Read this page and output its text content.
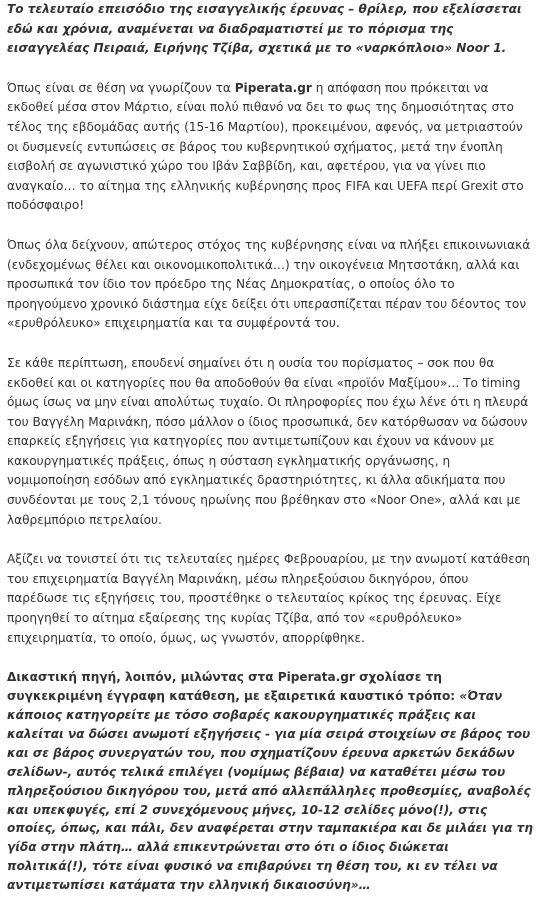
Το τελευταίο επεισόδιο της εισαγγελικής έρευνας – θρίλερ, που εξελίσσεται εδώ και χρόνια, αναμένεται να διαδραματιστεί με το πόρισμα της εισαγγελέας Πειραιά, Ειρήνης Τζίβα, σχετικά με το «ναρκόπλοιο» Noor 1.

Όπως είναι σε θέση να γνωρίζουν τα Piperata.gr η απόφαση που πρόκειται να εκδοθεί μέσα στον Μάρτιο, είναι πολύ πιθανό να δει το φως της δημοσιότητας στο τέλος της εβδομάδας αυτής (15-16 Μαρτίου), προκειμένου, αφενός, να μετριαστούν οι δυσμενείς εντυπώσεις σε βάρος του κυβερνητικού σχήματος, μετά την ένοπλη εισβολή σε αγωνιστικό χώρο του Ιβάν Σαββίδη, και, αφετέρου, για να γίνει πιο αναγκαίο… το αίτημα της ελληνικής κυβέρνησης προς FIFA και UEFA περί Grexit στο ποδόσφαιρο!

Όπως όλα δείχνουν, απώτερος στόχος της κυβέρνησης είναι να πλήξει επικοινωνιακά (ενδεχομένως θέλει και οικονομικοπολιτικά…) την οικογένεια Μητσοτάκη, αλλά και προσωπικά τον ίδιο τον πρόεδρο της Νέας Δημοκρατίας, ο οποίος όλο το προηγούμενο χρονικό διάστημα είχε δείξει ότι υπερασπίζεται πέραν του δέοντος τον «ερυθρόλευκο» επιχειρηματία και τα συμφέροντά του.

Σε κάθε περίπτωση, επουδενί σημαίνει ότι η ουσία του πορίσματος – σοκ που θα εκδοθεί και οι κατηγορίες που θα αποδοθούν θα είναι «προϊόν Μαξίμου»… Το timing όμως ίσως να μην είναι απολύτως τυχαίο. Οι πληροφορίες που έχω λένε ότι η πλευρά του Βαγγέλη Μαρινάκη, πόσο μάλλον ο ίδιος προσωπικά, δεν κατόρθωσαν να δώσουν επαρκείς εξηγήσεις για κατηγορίες που αντιμετωπίζουν και έχουν να κάνουν με κακουργηματικές πράξεις, όπως η σύσταση εγκληματικής οργάνωσης, η νομιμοποίηση εσόδων από εγκληματικές δραστηριότητες, κι άλλα αδικήματα που συνδέονται με τους 2,1 τόνους ηρωίνης που βρέθηκαν στο «Noor One», αλλά και με λαθρεμπόριο πετρελαίου.

Αξίζει να τονιστεί ότι τις τελευταίες ημέρες Φεβρουαρίου, με την ανωμοτί κατάθεση του επιχειρηματία Βαγγέλη Μαρινάκη, μέσω πληρεξούσιου δικηγόρου, όπου παρέδωσε τις εξηγήσεις του, προστέθηκε ο τελευταίος κρίκος της έρευνας. Είχε προηγηθεί το αίτημα εξαίρεσης της κυρίας Τζίβα, από τον «ερυθρόλευκο» επιχειρηματία, το οποίο, όμως, ως γνωστόν, απορρίφθηκε.

Δικαστική πηγή, λοιπόν, μιλώντας στα Piperata.gr σχολίασε τη συγκεκριμένη έγγραφη κατάθεση, με εξαιρετικά καυστικό τρόπο: «Όταν κάποιος κατηγορείτε με τόσο σοβαρές κακουργηματικές πράξεις και καλείται να δώσει ανωμοτί εξηγήσεις - για μία σειρά στοιχείων σε βάρος του και σε βάρος συνεργατών του, που σχηματίζουν έρευνα αρκετών δεκάδων σελίδων-, αυτός τελικά επιλέγει (νομίμως βέβαια) να καταθέτει μέσω του πληρεξούσιου δικηγόρου του, μετά από αλλεπάλληλες προθεσμίες, αναβολές και υπεκφυγές, επί 2 συνεχόμενους μήνες, 10-12 σελίδες μόνο(!), στις οποίες, όπως, και πάλι, δεν αναφέρεται στην ταμπακιέρα και δε μιλάει για τη γίδα στην πλάτη… αλλά επικεντρώνεται στο ότι ο ίδιος διώκεται πολιτικά(!), τότε είναι φυσικό να επιβαρύνει τη θέση του, κι εν τέλει να αντιμετωπίσει κατάματα την ελληνική δικαιοσύνη»…
